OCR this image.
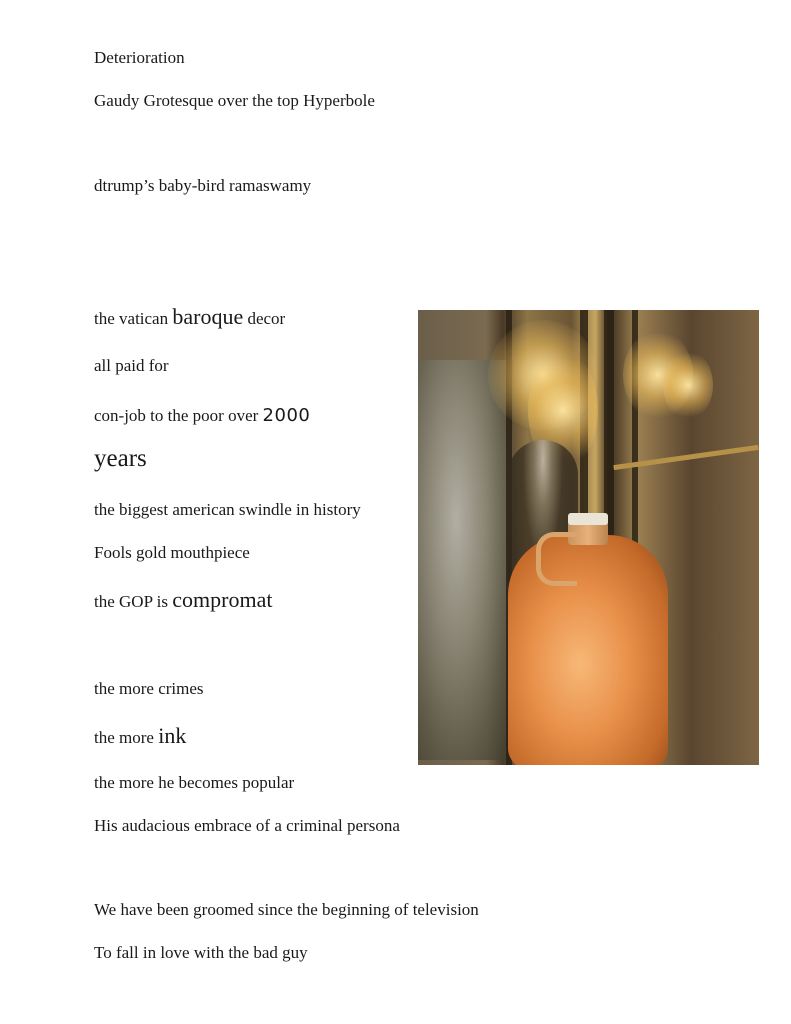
Deterioration
Gaudy Grotesque over the top Hyperbole
dtrump’s baby-bird ramaswamy
the vatican baroque decor
all paid for
con-job to the poor over 2000
years
the biggest american swindle in history
Fools gold mouthpiece
the GOP is compromat
the more crimes
the more ink
the more he becomes popular
His audacious embrace of a criminal persona
We have been groomed since the beginning of television
To fall in love with the bad guy
